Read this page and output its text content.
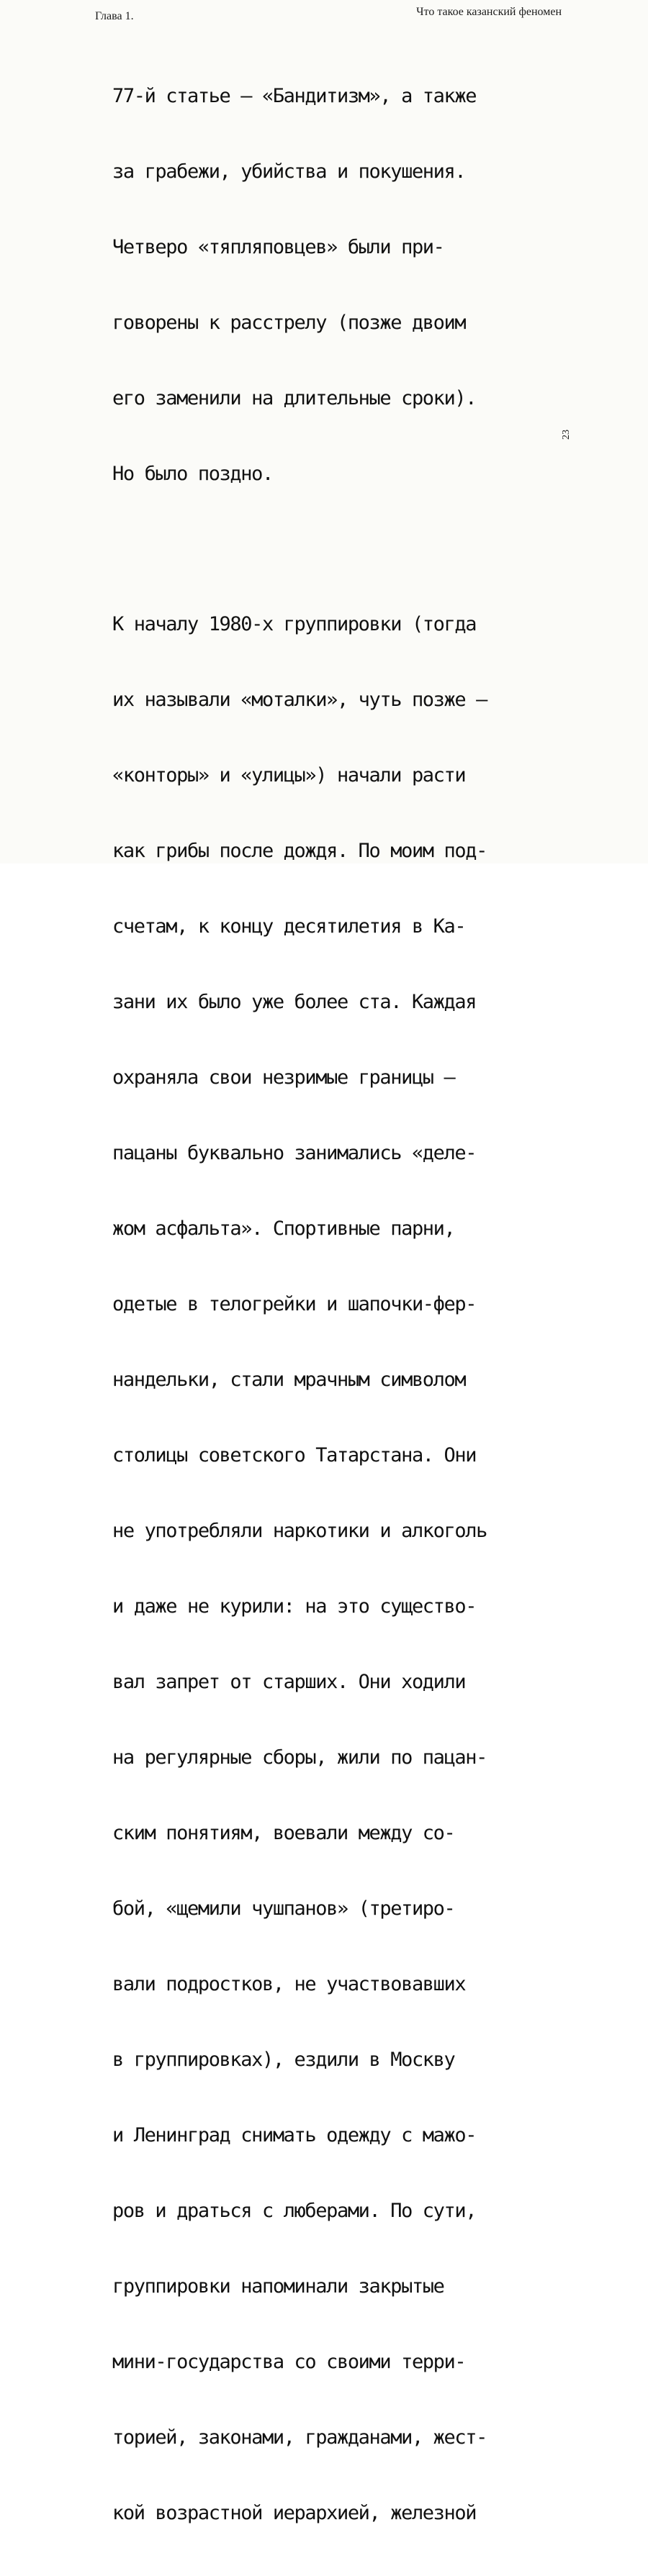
Глава 1.	Что такое казанский феномен
23

77-й статье — «Бандитизм», а также

за грабежи, убийства и покушения.

Четверо «тяпляповцев» были при-

говорены к расстрелу (позже двоим

его заменили на длительные сроки).

Но было поздно.

К началу 1980-х группировки (тогда

их называли «моталки», чуть позже —

«конторы» и «улицы») начали расти

как грибы после дождя. По моим под-

счетам, к концу десятилетия в Ка-

зани их было уже более ста. Каждая

охраняла свои незримые границы —

пацаны буквально занимались «деле-

жом асфальта». Спортивные парни,

одетые в телогрейки и шапочки-фер-

нандельки, стали мрачным символом

столицы советского Татарстана. Они

не употребляли наркотики и алкоголь

и даже не курили: на это существо-

вал запрет от старших. Они ходили

на регулярные сборы, жили по пацан-

ским понятиям, воевали между со-

бой, «щемили чушпанов» (третиро-

вали подростков, не участвовавших

в группировках), ездили в Москву

и Ленинград снимать одежду с мажо-

ров и драться с люберами. По сути,

группировки напоминали закрытые

мини-государства со своими терри-

торией, законами, гражданами, жест-

кой возрастной иерархией, железной
